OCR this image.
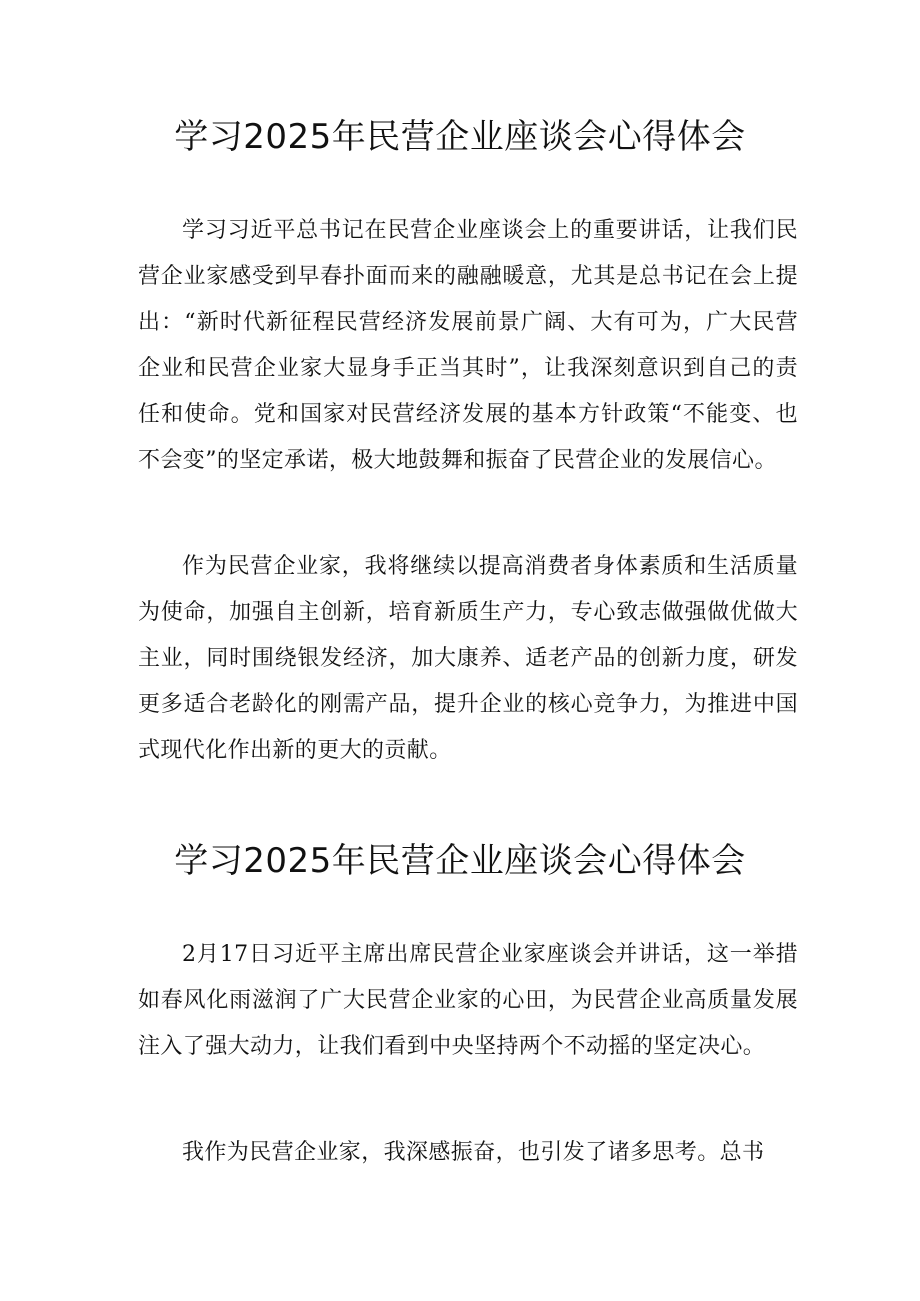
学习2025年民营企业座谈会心得体会

学习习近平总书记在民营企业座谈会上的重要讲话，让我们民营企业家感受到早春扑面而来的融融暖意，尤其是总书记在会上提出：“新时代新征程民营经济发展前景广阔、大有可为，广大民营企业和民营企业家大显身手正当其时”，让我深刻意识到自己的责任和使命。党和国家对民营经济发展的基本方针政策“不能变、也不会变”的坚定承诺，极大地鼓舞和振奋了民营企业的发展信心。

作为民营企业家，我将继续以提高消费者身体素质和生活质量为使命，加强自主创新，培育新质生产力，专心致志做强做优做大主业，同时围绕银发经济，加大康养、适老产品的创新力度，研发更多适合老龄化的刚需产品，提升企业的核心竞争力，为推进中国式现代化作出新的更大的贡献。

学习2025年民营企业座谈会心得体会

2月17日习近平主席出席民营企业家座谈会并讲话，这一举措如春风化雨滋润了广大民营企业家的心田，为民营企业高质量发展注入了强大动力，让我们看到中央坚持两个不动摇的坚定决心。

我作为民营企业家，我深感振奋，也引发了诸多思考。总书
